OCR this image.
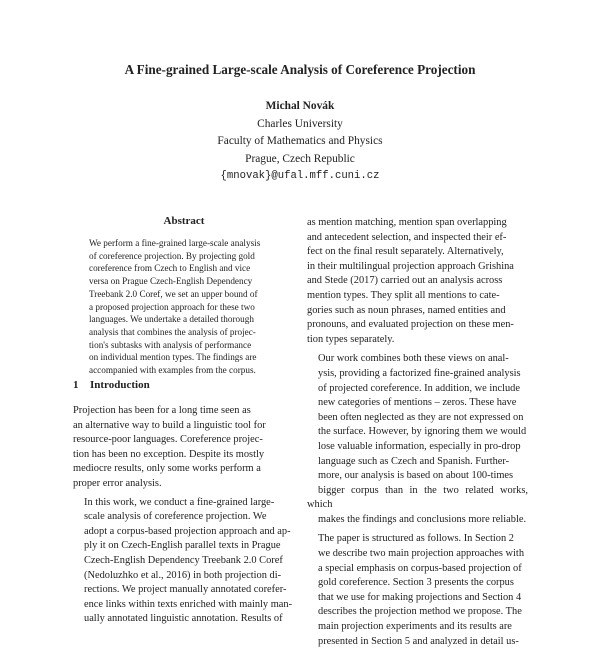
A Fine-grained Large-scale Analysis of Coreference Projection
Michal Novák
Charles University
Faculty of Mathematics and Physics
Prague, Czech Republic
{mnovak}@ufal.mff.cuni.cz
Abstract
We perform a fine-grained large-scale analysis
of coreference projection. By projecting gold
coreference from Czech to English and vice
versa on Prague Czech-English Dependency
Treebank 2.0 Coref, we set an upper bound of
a proposed projection approach for these two
languages. We undertake a detailed thorough
analysis that combines the analysis of projec-
tion's subtasks with analysis of performance
on individual mention types. The findings are
accompanied with examples from the corpus.
1 Introduction
Projection has been for a long time seen as
an alternative way to build a linguistic tool for
resource-poor languages. Coreference projec-
tion has been no exception. Despite its mostly
mediocre results, only some works perform a
proper error analysis.
In this work, we conduct a fine-grained large-
scale analysis of coreference projection. We
adopt a corpus-based projection approach and ap-
ply it on Czech-English parallel texts in Prague
Czech-English Dependency Treebank 2.0 Coref
(Nedoluzhko et al., 2016) in both projection di-
rections. We project manually annotated corefer-
ence links within texts enriched with mainly man-
ually annotated linguistic annotation. Results of
as mention matching, mention span overlapping
and antecedent selection, and inspected their ef-
fect on the final result separately. Alternatively,
in their multilingual projection approach Grishina
and Stede (2017) carried out an analysis across
mention types. They split all mentions to cate-
gories such as noun phrases, named entities and
pronouns, and evaluated projection on these men-
tion types separately.
Our work combines both these views on anal-
ysis, providing a factorized fine-grained analysis
of projected coreference. In addition, we include
new categories of mentions – zeros. These have
been often neglected as they are not expressed on
the surface. However, by ignoring them we would
lose valuable information, especially in pro-drop
language such as Czech and Spanish. Further-
more, our analysis is based on about 100-times
bigger corpus than in the two related works, which
makes the findings and conclusions more reliable.
The paper is structured as follows. In Section 2
we describe two main projection approaches with
a special emphasis on corpus-based projection of
gold coreference. Section 3 presents the corpus
that we use for making projections and Section 4
describes the projection method we propose. The
main projection experiments and its results are
presented in Section 5 and analyzed in detail us-
